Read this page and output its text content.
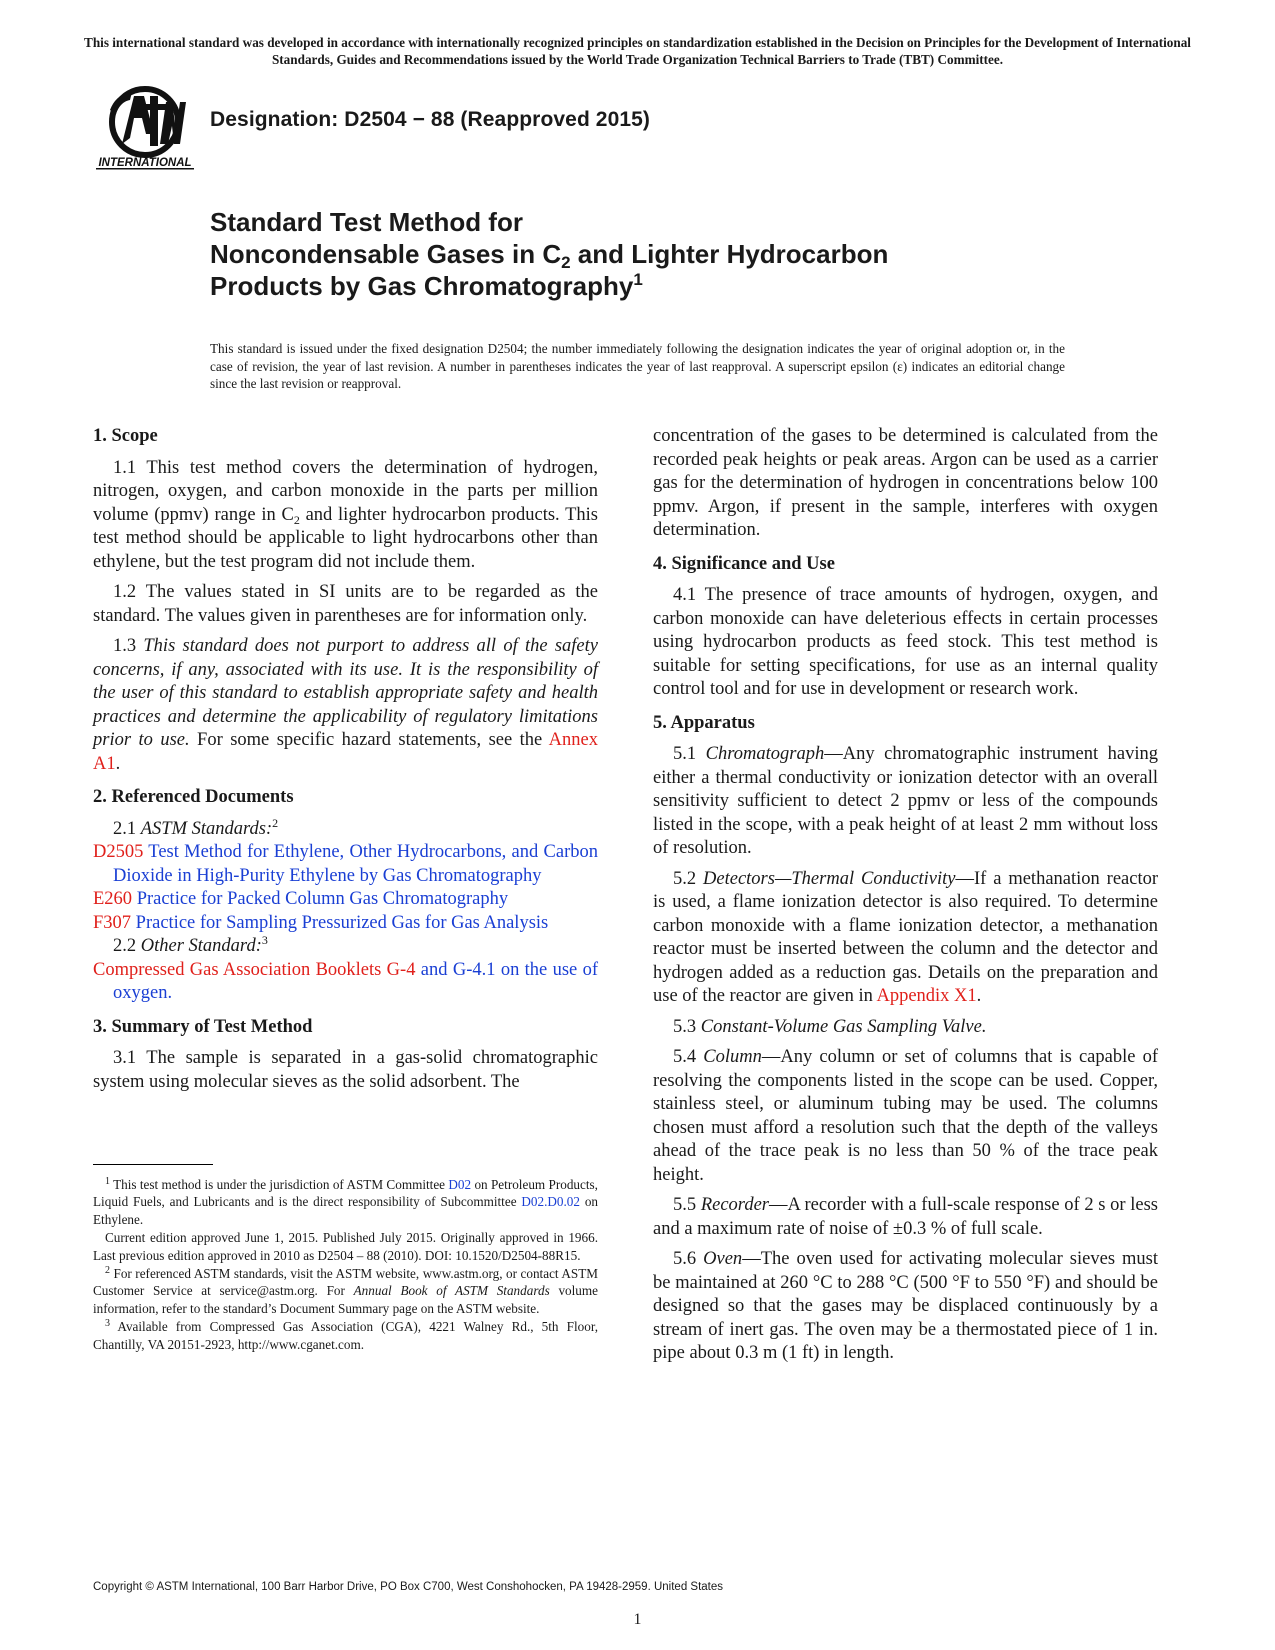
This international standard was developed in accordance with internationally recognized principles on standardization established in the Decision on Principles for the Development of International Standards, Guides and Recommendations issued by the World Trade Organization Technical Barriers to Trade (TBT) Committee.
INTERNATIONAL
Designation: D2504 − 88 (Reapproved 2015)
Standard Test Method for
Noncondensable Gases in $C_2$ and Lighter Hydrocarbon
Products by Gas Chromatography$^1$
This standard is issued under the fixed designation D2504; the number immediately following the designation indicates the year of original adoption or, in the case of revision, the year of last revision. A number in parentheses indicates the year of last reapproval. A superscript epsilon (ε) indicates an editorial change since the last revision or reapproval.
1. Scope

1.1 This test method covers the determination of hydrogen, nitrogen, oxygen, and carbon monoxide in the parts per million volume (ppmv) range in $C_2$ and lighter hydrocarbon products. This test method should be applicable to light hydrocarbons other than ethylene, but the test program did not include them.

1.2 The values stated in SI units are to be regarded as the standard. The values given in parentheses are for information only.

1.3 This standard does not purport to address all of the safety concerns, if any, associated with its use. It is the responsibility of the user of this standard to establish appropriate safety and health practices and determine the applicability of regulatory limitations prior to use. For some specific hazard statements, see the Annex A1.

2. Referenced Documents

2.1 ASTM Standards:$^2$

D2505 Test Method for Ethylene, Other Hydrocarbons, and Carbon Dioxide in High-Purity Ethylene by Gas Chromatography
E260 Practice for Packed Column Gas Chromatography
F307 Practice for Sampling Pressurized Gas for Gas Analysis

2.2 Other Standard:$^3$

Compressed Gas Association Booklets G-4 and G-4.1 on the use of oxygen.
3. Summary of Test Method

3.1 The sample is separated in a gas-solid chromatographic system using molecular sieves as the solid adsorbent. The

concentration of the gases to be determined is calculated from the recorded peak heights or peak areas. Argon can be used as a carrier gas for the determination of hydrogen in concentrations below 100 ppmv. Argon, if present in the sample, interferes with oxygen determination.

4. Significance and Use

4.1 The presence of trace amounts of hydrogen, oxygen, and carbon monoxide can have deleterious effects in certain processes using hydrocarbon products as feed stock. This test method is suitable for setting specifications, for use as an internal quality control tool and for use in development or research work.

5. Apparatus

5.1 Chromatograph—Any chromatographic instrument having either a thermal conductivity or ionization detector with an overall sensitivity sufficient to detect 2 ppmv or less of the compounds listed in the scope, with a peak height of at least 2 mm without loss of resolution.

5.2 Detectors—Thermal Conductivity—If a methanation reactor is used, a flame ionization detector is also required. To determine carbon monoxide with a flame ionization detector, a methanation reactor must be inserted between the column and the detector and hydrogen added as a reduction gas. Details on the preparation and use of the reactor are given in Appendix X1.

5.3 Constant-Volume Gas Sampling Valve.

5.4 Column—Any column or set of columns that is capable of resolving the components listed in the scope can be used. Copper, stainless steel, or aluminum tubing may be used. The columns chosen must afford a resolution such that the depth of the valleys ahead of the trace peak is no less than 50 % of the trace peak height.

5.5 Recorder—A recorder with a full-scale response of 2 s or less and a maximum rate of noise of ±0.3 % of full scale.

5.6 Oven—The oven used for activating molecular sieves must be maintained at 260 °C to 288 °C (500 °F to 550 °F) and should be designed so that the gases may be displaced continuously by a stream of inert gas. The oven may be a thermostated piece of 1 in. pipe about 0.3 m (1 ft) in length.

$^1$ This test method is under the jurisdiction of ASTM Committee D02 on Petroleum Products, Liquid Fuels, and Lubricants and is the direct responsibility of Subcommittee D02.D0.02 on Ethylene.

Current edition approved June 1, 2015. Published July 2015. Originally approved in 1966. Last previous edition approved in 2010 as D2504 – 88 (2010). DOI: 10.1520/D2504-88R15.

$^2$ For referenced ASTM standards, visit the ASTM website, www.astm.org, or contact ASTM Customer Service at service@astm.org. For Annual Book of ASTM Standards volume information, refer to the standard’s Document Summary page on the ASTM website.

$^3$ Available from Compressed Gas Association (CGA), 4221 Walney Rd., 5th Floor, Chantilly, VA 20151-2923, http://www.cganet.com.

Copyright © ASTM International, 100 Barr Harbor Drive, PO Box C700, West Conshohocken, PA 19428-2959. United States
1
